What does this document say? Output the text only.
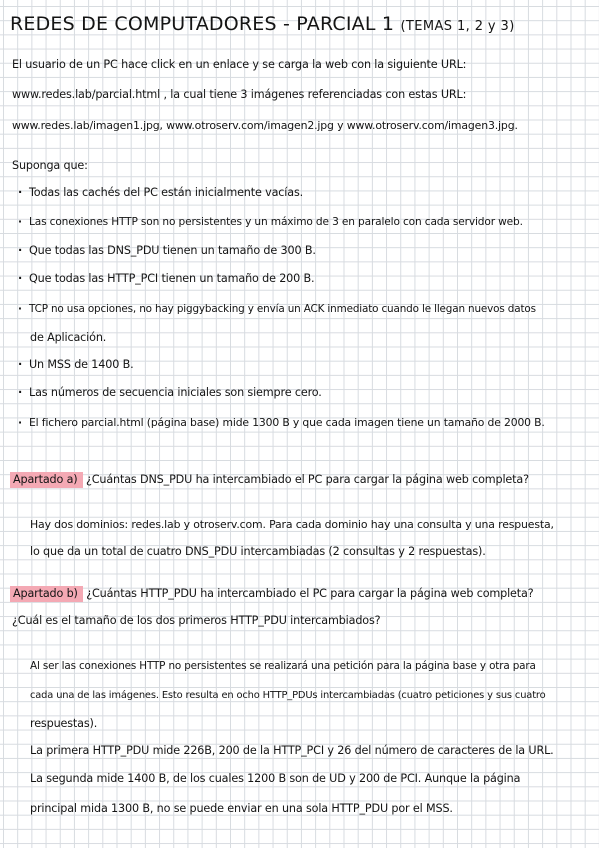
REDES DE COMPUTADORES - PARCIAL 1 (TEMAS 1, 2 y 3)
El usuario de un PC hace click en un enlace y se carga la web con la siguiente URL:
www.redes.lab/parcial.html , la cual tiene 3 imágenes referenciadas con estas URL:
www.redes.lab/imagen1.jpg, www.otroserv.com/imagen2.jpg y www.otroserv.com/imagen3.jpg.
Suponga que:
· Todas las cachés del PC están inicialmente vacías.
· Las conexiones HTTP son no persistentes y un máximo de 3 en paralelo con cada servidor web.
· Que todas las DNS_PDU tienen un tamaño de 300 B.
· Que todas las HTTP_PCI tienen un tamaño de 200 B.
· TCP no usa opciones, no hay piggybacking y envía un ACK inmediato cuando le llegan nuevos datos
de Aplicación.
· Un MSS de 1400 B.
· Las números de secuencia iniciales son siempre cero.
· El fichero parcial.html (página base) mide 1300 B y que cada imagen tiene un tamaño de 2000 B.
Apartado a) ¿Cuántas DNS_PDU ha intercambiado el PC para cargar la página web completa?
Hay dos dominios: redes.lab y otroserv.com. Para cada dominio hay una consulta y una respuesta,
lo que da un total de cuatro DNS_PDU intercambiadas (2 consultas y 2 respuestas).
Apartado b) ¿Cuántas HTTP_PDU ha intercambiado el PC para cargar la página web completa?
¿Cuál es el tamaño de los dos primeros HTTP_PDU intercambiados?
Al ser las conexiones HTTP no persistentes se realizará una petición para la página base y otra para
cada una de las imágenes. Esto resulta en ocho HTTP_PDUs intercambiadas (cuatro peticiones y sus cuatro
respuestas).
La primera HTTP_PDU mide 226B, 200 de la HTTP_PCI y 26 del número de caracteres de la URL.
La segunda mide 1400 B, de los cuales 1200 B son de UD y 200 de PCI. Aunque la página
principal mida 1300 B, no se puede enviar en una sola HTTP_PDU por el MSS.
